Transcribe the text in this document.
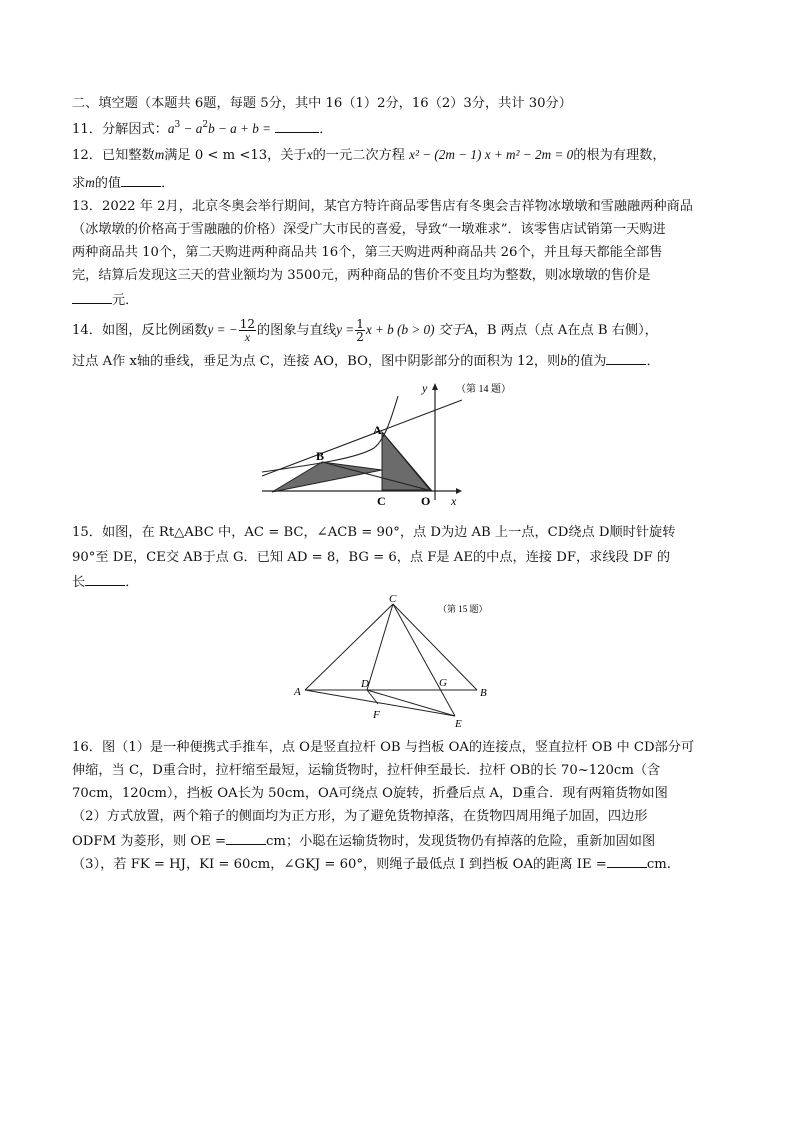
二、填空题（本题共 6题，每题 5分，其中 16（1）2分，16（2）3分，共计 30分）
11．分解因式：$a^3 - a^2b - a + b$ =	．
12．已知整数m满足 0 < m <13，关于x的一元二次方程 x² − (2m − 1) x + m² − 2m = 0的根为有理数，
求m的值	．
13．2022 年 2月，北京冬奥会举行期间，某官方特许商品零售店有冬奥会吉祥物冰墩墩和雪融融两种商品
（冰墩墩的价格高于雪融融的价格）深受广大市民的喜爱，导致“一墩难求”．该零售店试销第一天购进
两种商品共 10个，第二天购进两种商品共 16个，第三天购进两种商品共 26个，并且每天都能全部售
完，结算后发现这三天的营业额均为 3500元，两种商品的售价不变且均为整数，则冰墩墩的售价是
元．
14．如图，反比例函数y = − $\frac{12}{x}$ 的图象与直线$y = \frac{1}{2}$ x + b (b > 0) 交于A，B 两点（点 A在点 B 右侧），
过点 A作 x轴的垂线，垂足为点 C，连接 AO，BO，图中阴影部分的面积为 12，则b的值为	．
A
B
C	O x
y	（第 14 题）
15．如图，在 Rt△ABC 中，AC = BC，∠ACB = 90°，点 D为边 AB 上一点，CD绕点 D顺时针旋转
90°至 DE，CE交 AB于点 G．已知 AD = 8，BG = 6，点 F是 AE的中点，连接 DF，求线段 DF 的
长	．
C
A	B
D	G
F
E
（第 15 题）
16．图（1）是一种便携式手推车，点 O是竖直拉杆 OB 与挡板 OA的连接点，竖直拉杆 OB 中 CD部分可
伸缩，当 C，D重合时，拉杆缩至最短，运输货物时，拉杆伸至最长．拉杆 OB的长 70~120cm（含
70cm，120cm），挡板 OA长为 50cm，OA可绕点 O旋转，折叠后点 A，D重合．现有两箱货物如图
（2）方式放置，两个箱子的侧面均为正方形，为了避免货物掉落，在货物四周用绳子加固，四边形
ODFM 为菱形，则 OE =	cm；小聪在运输货物时，发现货物仍有掉落的危险，重新加固如图
（3），若 FK = HJ，KI = 60cm，∠GKJ = 60°，则绳子最低点 I 到挡板 OA的距离 IE =	cm.
